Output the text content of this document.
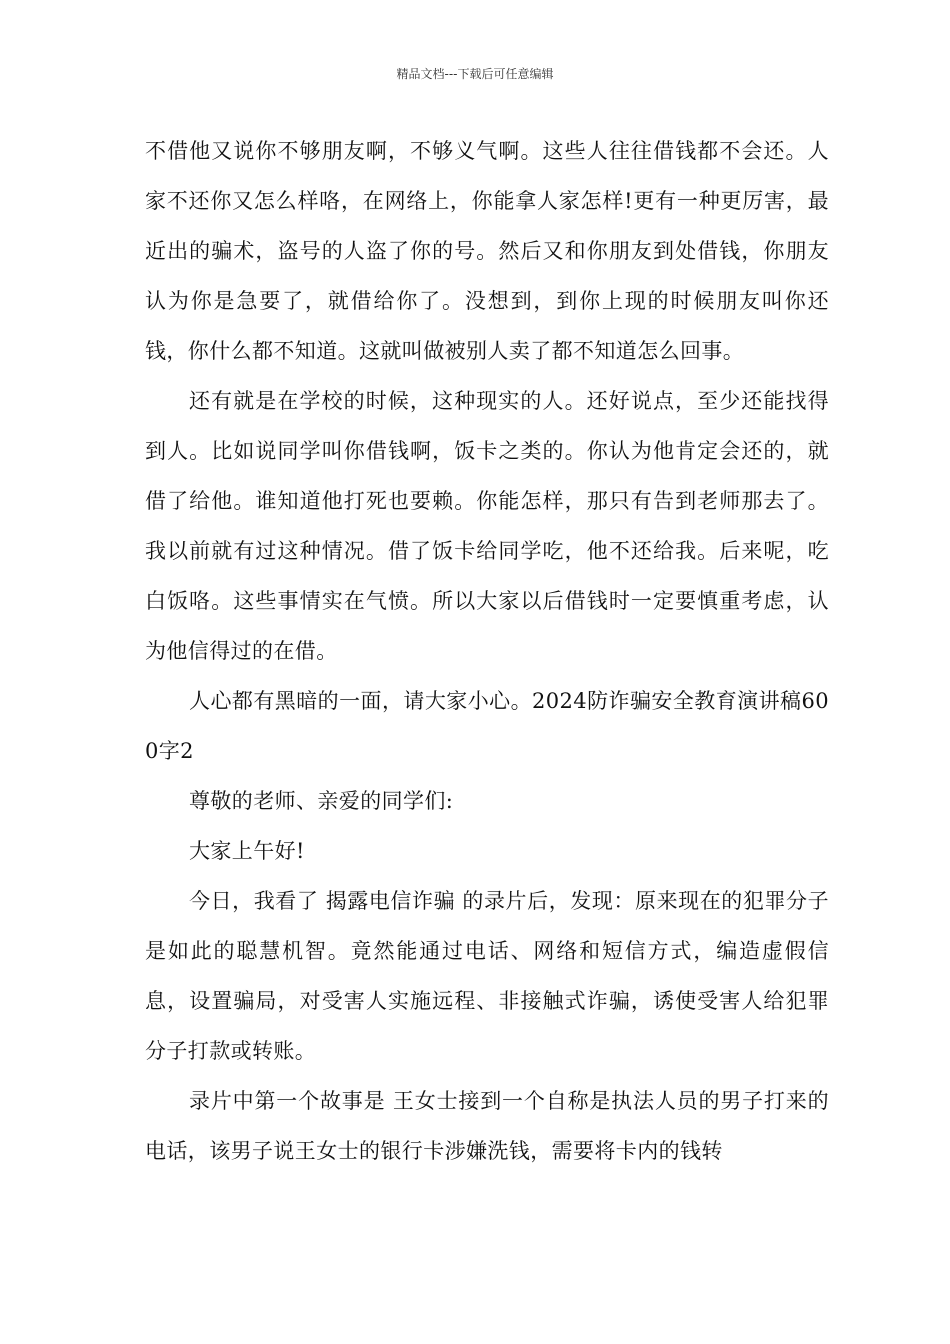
精品文档---下载后可任意编辑

不借他又说你不够朋友啊，不够义气啊。这些人往往借钱都不会还。人家不还你又怎么样咯，在网络上，你能拿人家怎样!更有一种更厉害，最近出的骗术，盗号的人盗了你的号。然后又和你朋友到处借钱，你朋友认为你是急要了，就借给你了。没想到，到你上现的时候朋友叫你还钱，你什么都不知道。这就叫做被别人卖了都不知道怎么回事。

还有就是在学校的时候，这种现实的人。还好说点，至少还能找得到人。比如说同学叫你借钱啊，饭卡之类的。你认为他肯定会还的，就借了给他。谁知道他打死也要赖。你能怎样，那只有告到老师那去了。我以前就有过这种情况。借了饭卡给同学吃，他不还给我。后来呢，吃白饭咯。这些事情实在气愤。所以大家以后借钱时一定要慎重考虑，认为他信得过的在借。

人心都有黑暗的一面，请大家小心。2024防诈骗安全教育演讲稿600字2

尊敬的老师、亲爱的同学们:

大家上午好!

今日，我看了 揭露电信诈骗 的录片后，发现：原来现在的犯罪分子是如此的聪慧机智。竟然能通过电话、网络和短信方式，编造虚假信息，设置骗局，对受害人实施远程、非接触式诈骗，诱使受害人给犯罪分子打款或转账。

录片中第一个故事是 王女士接到一个自称是执法人员的男子打来的电话，该男子说王女士的银行卡涉嫌洗钱，需要将卡内的钱转
